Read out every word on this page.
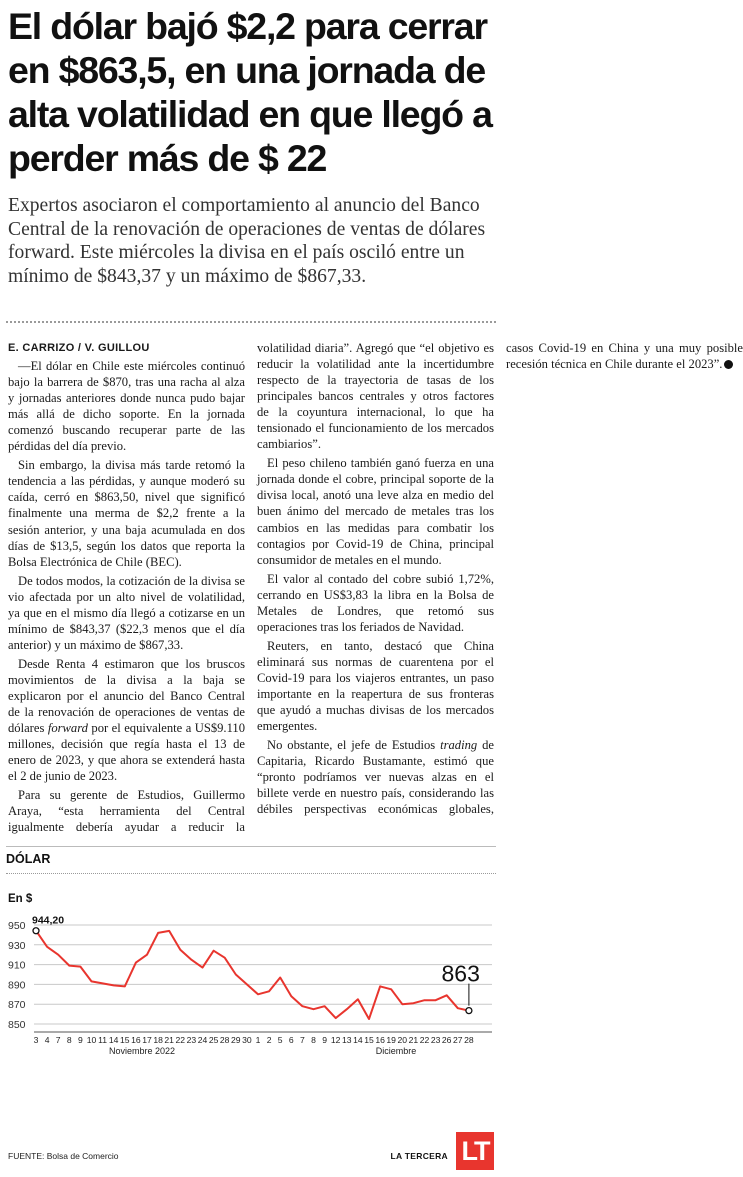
El dólar bajó $2,2 para cerrar en $863,5, en una jornada de alta volatilidad en que llegó a perder más de $ 22

Expertos asociaron el comportamiento al anuncio del Banco Central de la renovación de operaciones de ventas de dólares forward. Este miércoles la divisa en el país osciló entre un mínimo de $843,37 y un máximo de $867,33.

E. CARRIZO / V. GUILLOU

—El dólar en Chile este miércoles continuó bajo la barrera de $870, tras una racha al alza y jornadas anteriores donde nunca pudo bajar más allá de dicho soporte. En la jornada comenzó buscando recuperar parte de las pérdidas del día previo.

Sin embargo, la divisa más tarde retomó la tendencia a las pérdidas, y aunque moderó su caída, cerró en $863,50, nivel que significó finalmente una merma de $2,2 frente a la sesión anterior, y una baja acumulada en dos días de $13,5, según los datos que reporta la Bolsa Electrónica de Chile (BEC).

De todos modos, la cotización de la divisa se vio afectada por un alto nivel de volatilidad, ya que en el mismo día llegó a cotizarse en un mínimo de $843,37 ($22,3 menos que el día anterior) y un máximo de $867,33.

Desde Renta 4 estimaron que los bruscos movimientos de la divisa a la baja se explicaron por el anuncio del Banco Central de la renovación de operaciones de ventas de dólares forward por el equivalente a US$9.110 millones, decisión que regía hasta el 13 de enero de 2023, y que ahora se extenderá hasta el 2 de junio de 2023.

Para su gerente de Estudios, Guillermo Araya, “esta herramienta del Central igualmente debería ayudar a reducir la volatilidad diaria”. Agregó que “el objetivo es reducir la volatilidad ante la incertidumbre respecto de la trayectoria de tasas de los principales bancos centrales y otros factores de la coyuntura internacional, lo que ha tensionado el funcionamiento de los mercados cambiarios”.

El peso chileno también ganó fuerza en una jornada donde el cobre, principal soporte de la divisa local, anotó una leve alza en medio del buen ánimo del mercado de metales tras los cambios en las medidas para combatir los contagios por Covid-19 de China, principal consumidor de metales en el mundo.

El valor al contado del cobre subió 1,72%, cerrando en US$3,83 la libra en la Bolsa de Metales de Londres, que retomó sus operaciones tras los feriados de Navidad.

Reuters, en tanto, destacó que China eliminará sus normas de cuarentena por el Covid-19 para los viajeros entrantes, un paso importante en la reapertura de sus fronteras que ayudó a muchas divisas de los mercados emergentes.

No obstante, el jefe de Estudios trading de Capitaria, Ricardo Bustamante, estimó que “pronto podríamos ver nuevas alzas en el billete verde en nuestro país, considerando las débiles perspectivas económicas globales, casos Covid-19 en China y una muy posible recesión técnica en Chile durante el 2023”.

DÓLAR
En $
850
870
890
910
930
950
3 4 7 8 9 10 11 14 15 16 17 18 21 22 23 24 25 28 29 30 1 2 5 6 7 8 9 12 13 14 15 16 19 20 21 22 23 26 27 28
Noviembre 2022	Diciembre
944,20
863
FUENTE: Bolsa de Comercio	LA TERCERA LT
